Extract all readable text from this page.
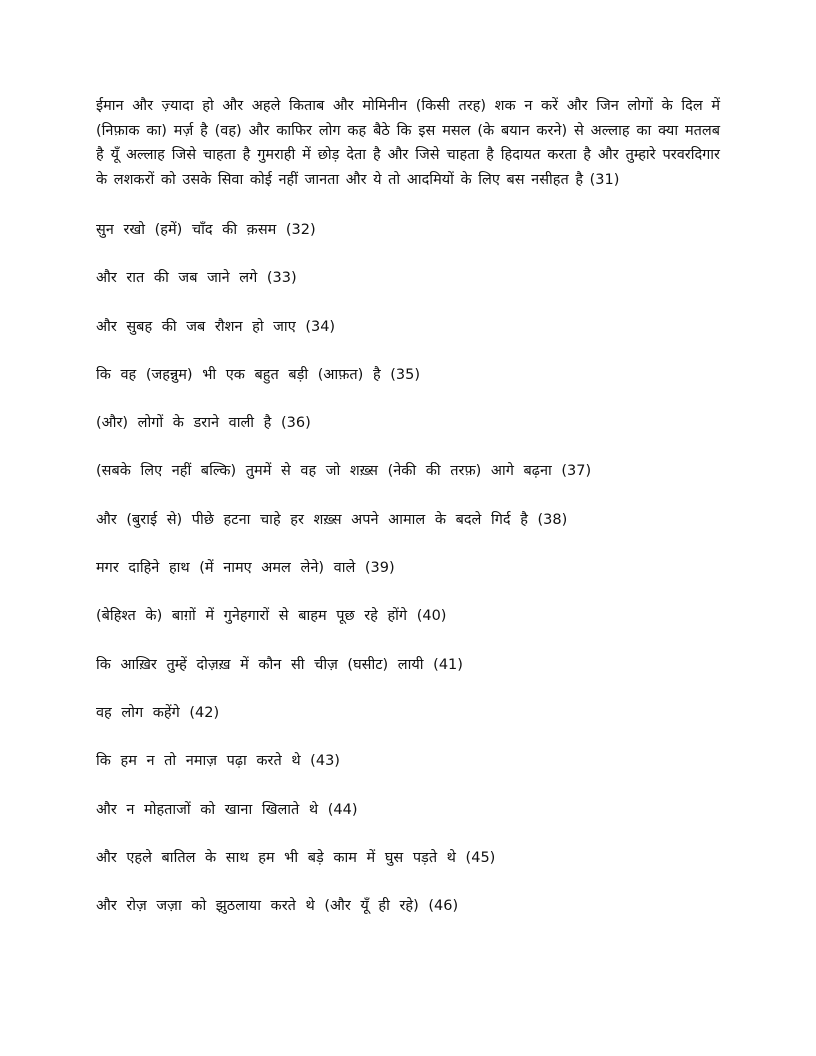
ईमान और ज़्यादा हो और अहले किताब और मोमिनीन (किसी तरह) शक न करें और जिन लोगों के दिल में (निफ़ाक का) मर्ज़ है (वह) और काफिर लोग कह बैठे कि इस मसल (के बयान करने) से अल्लाह का क्या मतलब है यूँ अल्लाह जिसे चाहता है गुमराही में छोड़ देता है और जिसे चाहता है हिदायत करता है और तुम्हारे परवरदिगार के लशकरों को उसके सिवा कोई नहीं जानता और ये तो आदमियों के लिए बस नसीहत है (31)

सुन रखो (हमें) चाँद की क़सम (32)

और रात की जब जाने लगे (33)

और सुबह की जब रौशन हो जाए (34)

कि वह (जहन्नुम) भी एक बहुत बड़ी (आफ़त) है (35)

(और) लोगों के डराने वाली है (36)

(सबके लिए नहीं बल्कि) तुममें से वह जो शख़्स (नेकी की तरफ़) आगे बढ़ना (37)

और (बुराई से) पीछे हटना चाहे हर शख़्स अपने आमाल के बदले गिर्द है (38)

मगर दाहिने हाथ (में नामए अमल लेने) वाले (39)

(बेहिश्त के) बाग़ों में गुनेहगारों से बाहम पूछ रहे होंगे (40)

कि आख़िर तुम्हें दोज़ख़ में कौन सी चीज़ (घसीट) लायी (41)

वह लोग कहेंगे (42)

कि हम न तो नमाज़ पढ़ा करते थे (43)

और न मोहताजों को खाना खिलाते थे (44)

और एहले बातिल के साथ हम भी बड़े काम में घुस पड़ते थे (45)

और रोज़ जज़ा को झुठलाया करते थे (और यूँ ही रहे) (46)
